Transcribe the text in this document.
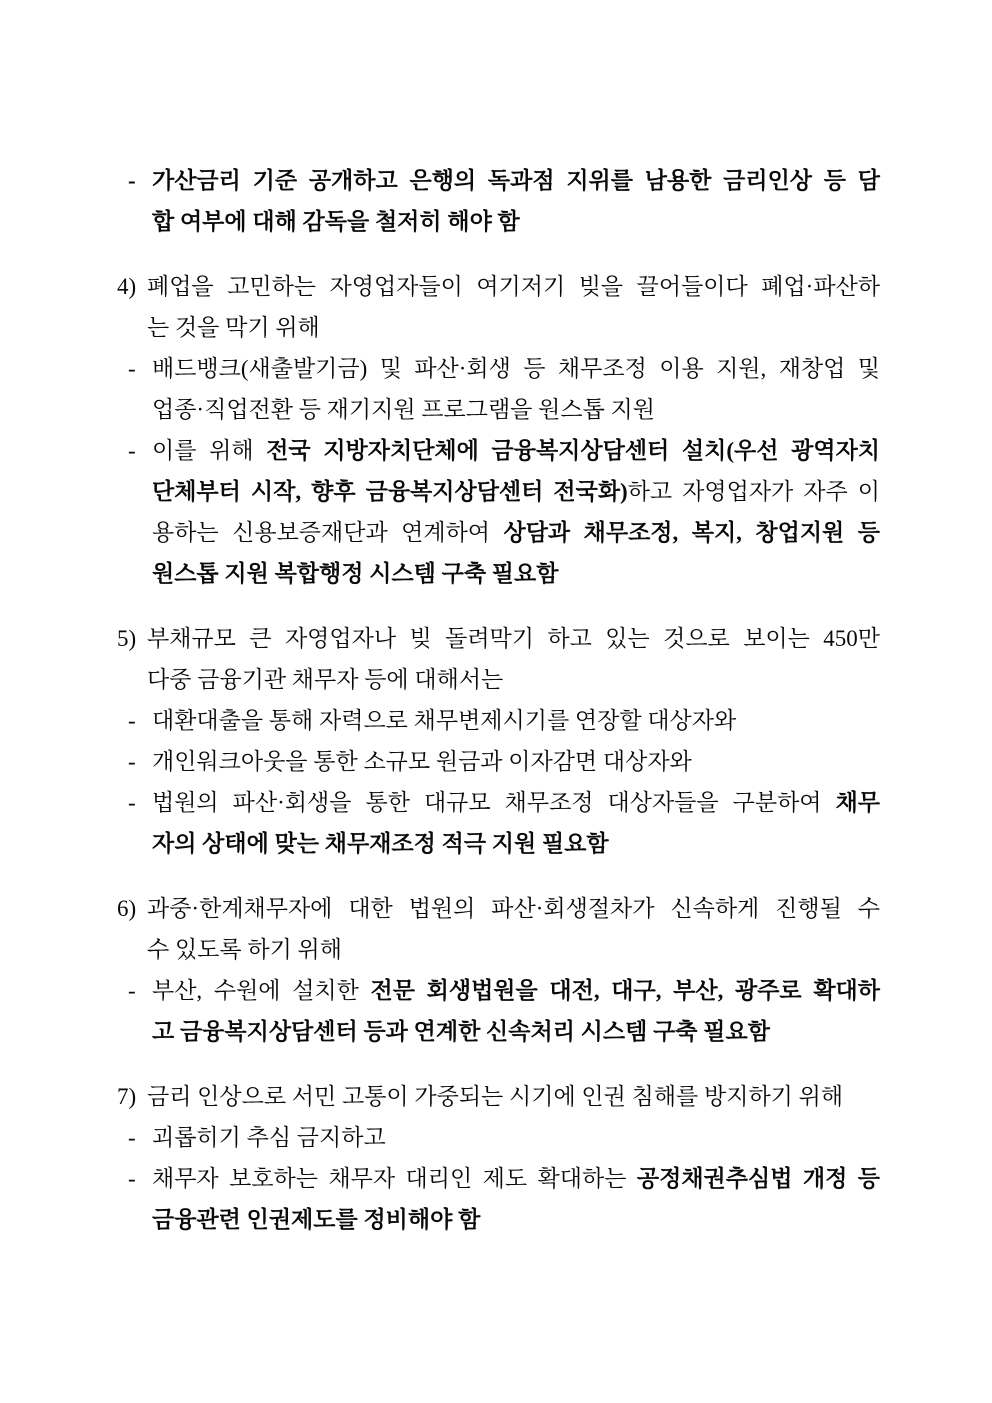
- 가산금리 기준 공개하고 은행의 독과점 지위를 남용한 금리인상 등 담
합 여부에 대해 감독을 철저히 해야 함
4) 폐업을 고민하는 자영업자들이 여기저기 빚을 끌어들이다 폐업·파산하
는 것을 막기 위해
- 배드뱅크(새출발기금) 및 파산·회생 등 채무조정 이용 지원, 재창업 및
업종·직업전환 등 재기지원 프로그램을 원스톱 지원
- 이를 위해 전국 지방자치단체에 금융복지상담센터 설치(우선 광역자치
단체부터 시작, 향후 금융복지상담센터 전국화)하고 자영업자가 자주 이
용하는 신용보증재단과 연계하여 상담과 채무조정, 복지, 창업지원 등
원스톱 지원 복합행정 시스템 구축 필요함
5) 부채규모 큰 자영업자나 빚 돌려막기 하고 있는 것으로 보이는 450만
다중 금융기관 채무자 등에 대해서는
- 대환대출을 통해 자력으로 채무변제시기를 연장할 대상자와
- 개인워크아웃을 통한 소규모 원금과 이자감면 대상자와
- 법원의 파산·회생을 통한 대규모 채무조정 대상자들을 구분하여 채무
자의 상태에 맞는 채무재조정 적극 지원 필요함
6) 과중·한계채무자에 대한 법원의 파산·회생절차가 신속하게 진행될 수
수 있도록 하기 위해
- 부산, 수원에 설치한 전문 회생법원을 대전, 대구, 부산, 광주로 확대하
고 금융복지상담센터 등과 연계한 신속처리 시스템 구축 필요함
7) 금리 인상으로 서민 고통이 가중되는 시기에 인권 침해를 방지하기 위해
- 괴롭히기 추심 금지하고
- 채무자 보호하는 채무자 대리인 제도 확대하는 공정채권추심법 개정 등
금융관련 인권제도를 정비해야 함
